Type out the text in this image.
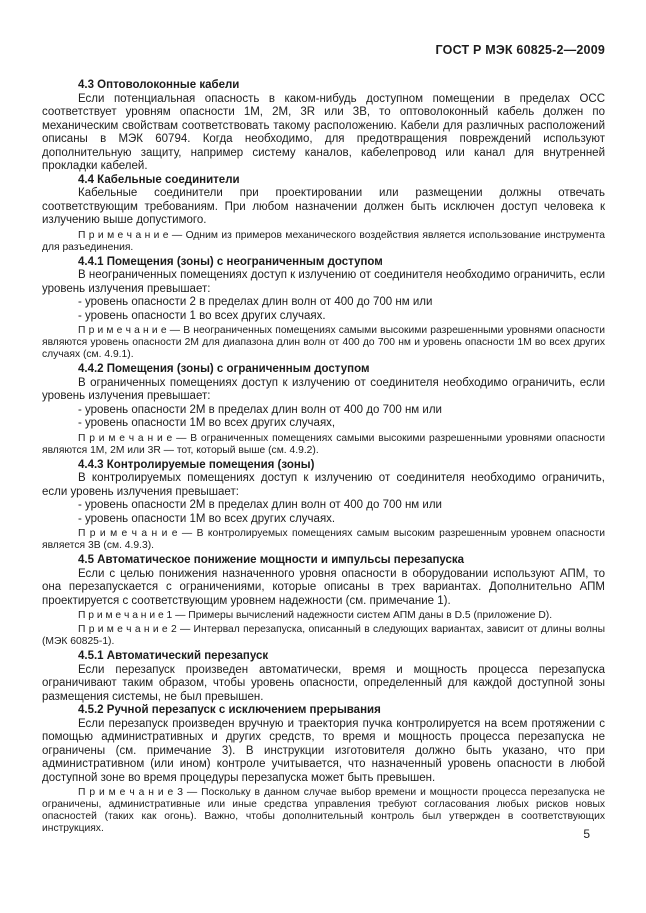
ГОСТ Р МЭК 60825-2—2009

4.3 Оптоволоконные кабели

Если потенциальная опасность в каком-нибудь доступном помещении в пределах ОСС соответствует уровням опасности 1М, 2М, 3R или 3В, то оптоволоконный кабель должен по механическим свойствам соответствовать такому расположению. Кабели для различных расположений описаны в МЭК 60794. Когда необходимо, для предотвращения повреждений используют дополнительную защиту, например систему каналов, кабелепровод или канал для внутренней прокладки кабелей.

4.4 Кабельные соединители

Кабельные соединители при проектировании или размещении должны отвечать соответствующим требованиям. При любом назначении должен быть исключен доступ человека к излучению выше допустимого.

П р и м е ч а н и е — Одним из примеров механического воздействия является использование инструмента для разъединения.

4.4.1 Помещения (зоны) с неограниченным доступом

В неограниченных помещениях доступ к излучению от соединителя необходимо ограничить, если уровень излучения превышает:

- уровень опасности 2 в пределах длин волн от 400 до 700 нм или

- уровень опасности 1 во всех других случаях.

П р и м е ч а н и е — В неограниченных помещениях самыми высокими разрешенными уровнями опасности являются уровень опасности 2М для диапазона длин волн от 400 до 700 нм и уровень опасности 1М во всех других случаях (см. 4.9.1).

4.4.2 Помещения (зоны) с ограниченным доступом

В ограниченных помещениях доступ к излучению от соединителя необходимо ограничить, если уровень излучения превышает:

- уровень опасности 2М в пределах длин волн от 400 до 700 нм или

- уровень опасности 1М во всех других случаях,

П р и м е ч а н и е — В ограниченных помещениях самыми высокими разрешенными уровнями опасности являются 1М, 2М или 3R — тот, который выше (см. 4.9.2).

4.4.3 Контролируемые помещения (зоны)

В контролируемых помещениях доступ к излучению от соединителя необходимо ограничить, если уровень излучения превышает:

- уровень опасности 2М в пределах длин волн от 400 до 700 нм или

- уровень опасности 1М во всех других случаях.

П р и м е ч а н и е — В контролируемых помещениях самым высоким разрешенным уровнем опасности является 3В (см. 4.9.3).

4.5 Автоматическое понижение мощности и импульсы перезапуска

Если с целью понижения назначенного уровня опасности в оборудовании используют АПМ, то она перезапускается с ограничениями, которые описаны в трех вариантах. Дополнительно АПМ проектируется с соответствующим уровнем надежности (см. примечание 1).

П р и м е ч а н и е 1 — Примеры вычислений надежности систем АПМ даны в D.5 (приложение D).

П р и м е ч а н и е 2 — Интервал перезапуска, описанный в следующих вариантах, зависит от длины волны (МЭК 60825-1).

4.5.1 Автоматический перезапуск

Если перезапуск произведен автоматически, время и мощность процесса перезапуска ограничивают таким образом, чтобы уровень опасности, определенный для каждой доступной зоны размещения системы, не был превышен.

4.5.2 Ручной перезапуск с исключением прерывания

Если перезапуск произведен вручную и траектория пучка контролируется на всем протяжении с помощью административных и других средств, то время и мощность процесса перезапуска не ограничены (см. примечание 3). В инструкции изготовителя должно быть указано, что при административном (или ином) контроле учитывается, что назначенный уровень опасности в любой доступной зоне во время процедуры перезапуска может быть превышен.

П р и м е ч а н и е 3 — Поскольку в данном случае выбор времени и мощности процесса перезапуска не ограничены, административные или иные средства управления требуют согласования любых рисков новых опасностей (таких как огонь). Важно, чтобы дополнительный контроль был утвержден в соответствующих инструкциях.	5
